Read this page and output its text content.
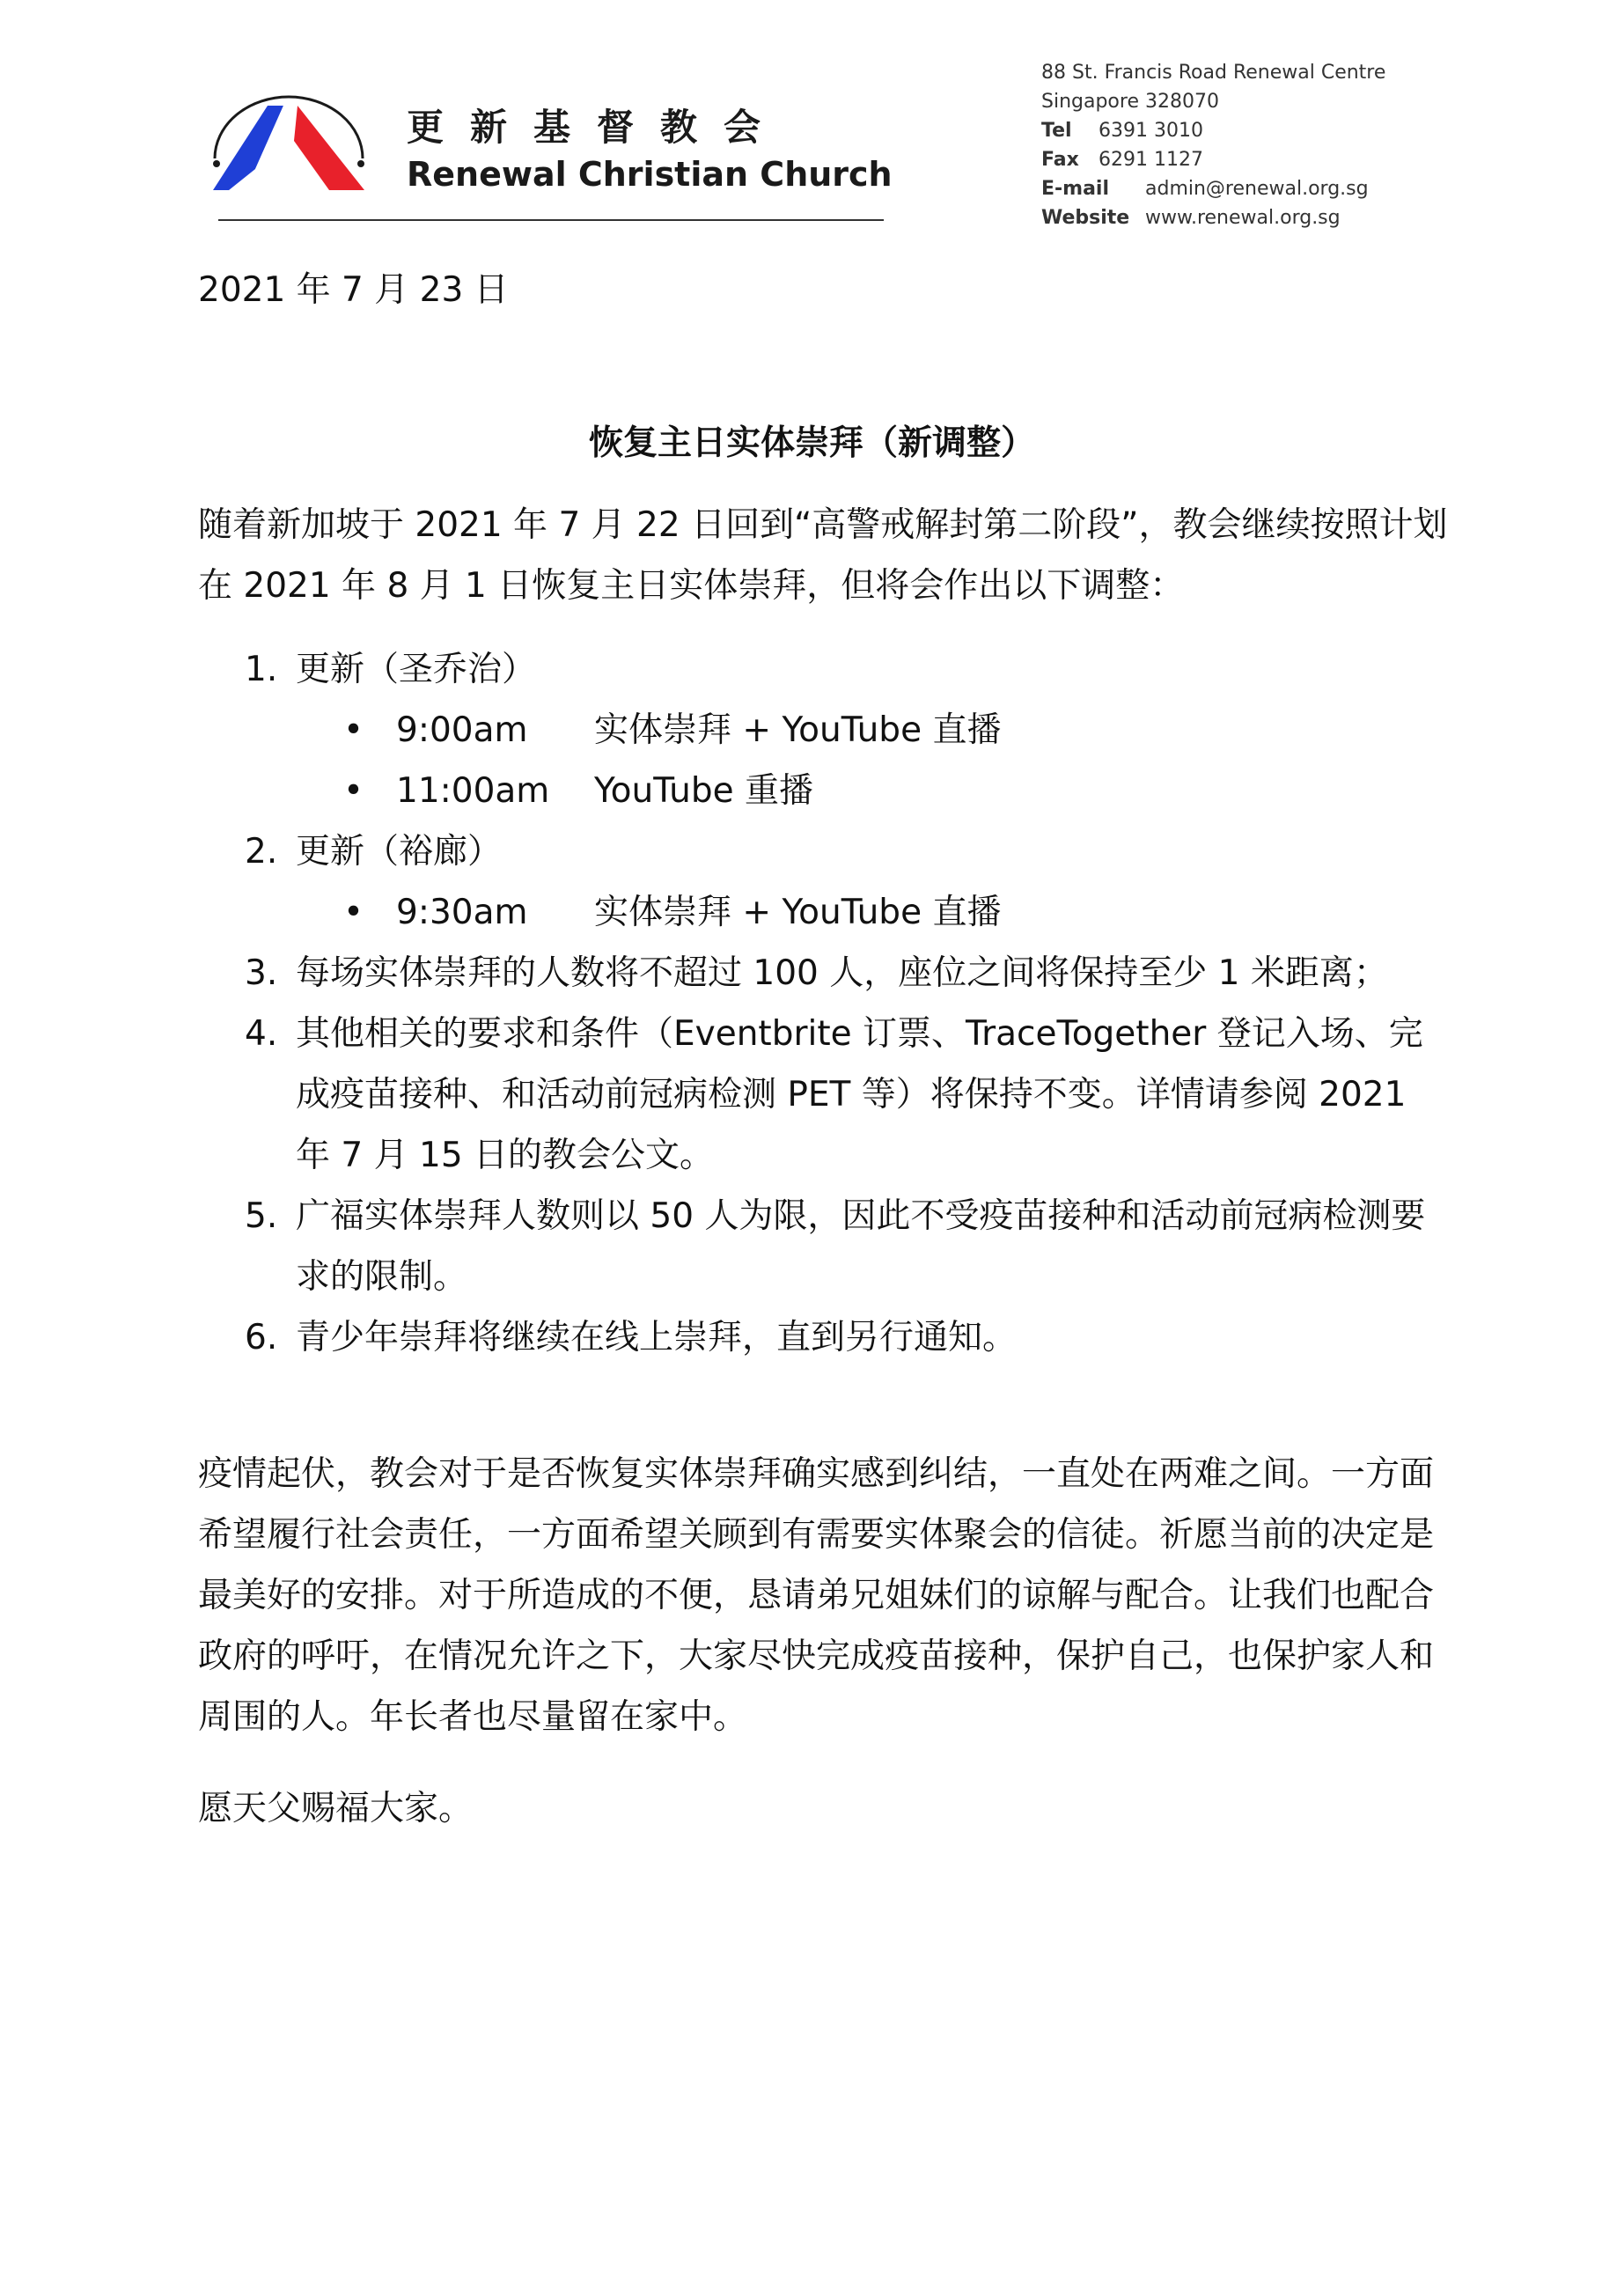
更新基督教会
Renewal Christian Church
88 St. Francis Road Renewal Centre
Singapore 328070
Tel 6391 3010
Fax 6291 1127
E-mail admin@renewal.org.sg
Website www.renewal.org.sg
2021 年 7 月 23 日
恢复主日实体崇拜（新调整）
随着新加坡于 2021 年 7 月 22 日回到“高警戒解封第二阶段”，教会继续按照计划在 2021 年 8 月 1 日恢复主日实体崇拜，但将会作出以下调整：
1. 更新（圣乔治）
• 9:00am	实体崇拜 + YouTube 直播
• 11:00am	YouTube 重播
2. 更新（裕廊）
• 9:30am	实体崇拜 + YouTube 直播
3. 每场实体崇拜的人数将不超过 100 人，座位之间将保持至少 1 米距离；
4. 其他相关的要求和条件（Eventbrite 订票、TraceTogether 登记入场、完成疫苗接种、和活动前冠病检测 PET 等）将保持不变。详情请参阅 2021 年 7 月 15 日的教会公文。
5. 广福实体崇拜人数则以 50 人为限，因此不受疫苗接种和活动前冠病检测要求的限制。
6. 青少年崇拜将继续在线上崇拜，直到另行通知。
疫情起伏，教会对于是否恢复实体崇拜确实感到纠结，一直处在两难之间。一方面希望履行社会责任，一方面希望关顾到有需要实体聚会的信徒。祈愿当前的决定是最美好的安排。对于所造成的不便，恳请弟兄姐妹们的谅解与配合。让我们也配合政府的呼吁，在情况允许之下，大家尽快完成疫苗接种，保护自己，也保护家人和周围的人。年长者也尽量留在家中。
愿天父赐福大家。
